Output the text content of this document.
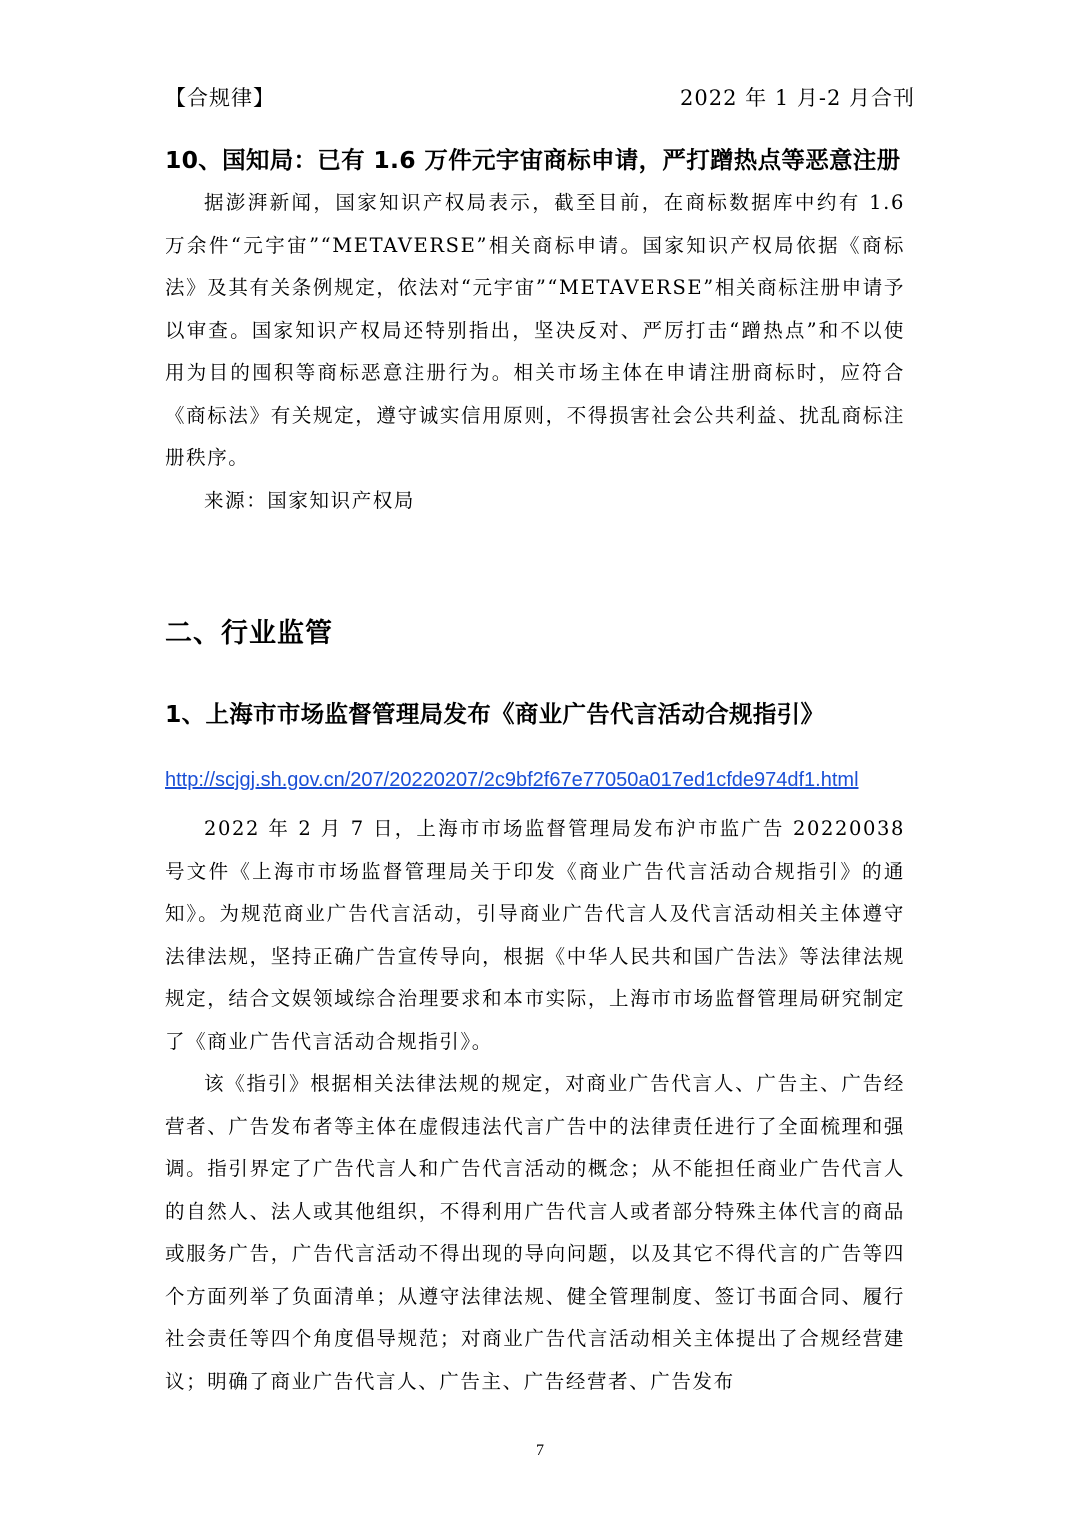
【合规律】	2022 年 1 月-2 月合刊
10、国知局：已有 1.6 万件元宇宙商标申请，严打蹭热点等恶意注册

据澎湃新闻，国家知识产权局表示，截至目前，在商标数据库中约有 1.6 万余件“元宇宙”“METAVERSE”相关商标申请。国家知识产权局依据《商标法》及其有关条例规定，依法对“元宇宙”“METAVERSE”相关商标注册申请予以审查。国家知识产权局还特别指出，坚决反对、严厉打击“蹭热点”和不以使用为目的囤积等商标恶意注册行为。相关市场主体在申请注册商标时，应符合《商标法》有关规定，遵守诚实信用原则，不得损害社会公共利益、扰乱商标注册秩序。

来源：国家知识产权局

二、行业监管
1、上海市市场监督管理局发布《商业广告代言活动合规指引》
http://scjgj.sh.gov.cn/207/20220207/2c9bf2f67e77050a017ed1cfde974df1.html

2022 年 2 月 7 日，上海市市场监督管理局发布沪市监广告 20220038 号文件《上海市市场监督管理局关于印发《商业广告代言活动合规指引》的通知》。为规范商业广告代言活动，引导商业广告代言人及代言活动相关主体遵守法律法规，坚持正确广告宣传导向，根据《中华人民共和国广告法》等法律法规规定，结合文娱领域综合治理要求和本市实际，上海市市场监督管理局研究制定了《商业广告代言活动合规指引》。

该《指引》根据相关法律法规的规定，对商业广告代言人、广告主、广告经营者、广告发布者等主体在虚假违法代言广告中的法律责任进行了全面梳理和强调。指引界定了广告代言人和广告代言活动的概念；从不能担任商业广告代言人的自然人、法人或其他组织，不得利用广告代言人或者部分特殊主体代言的商品或服务广告，广告代言活动不得出现的导向问题，以及其它不得代言的广告等四个方面列举了负面清单；从遵守法律法规、健全管理制度、签订书面合同、履行社会责任等四个角度倡导规范；对商业广告代言活动相关主体提出了合规经营建议；明确了商业广告代言人、广告主、广告经营者、广告发布

7
